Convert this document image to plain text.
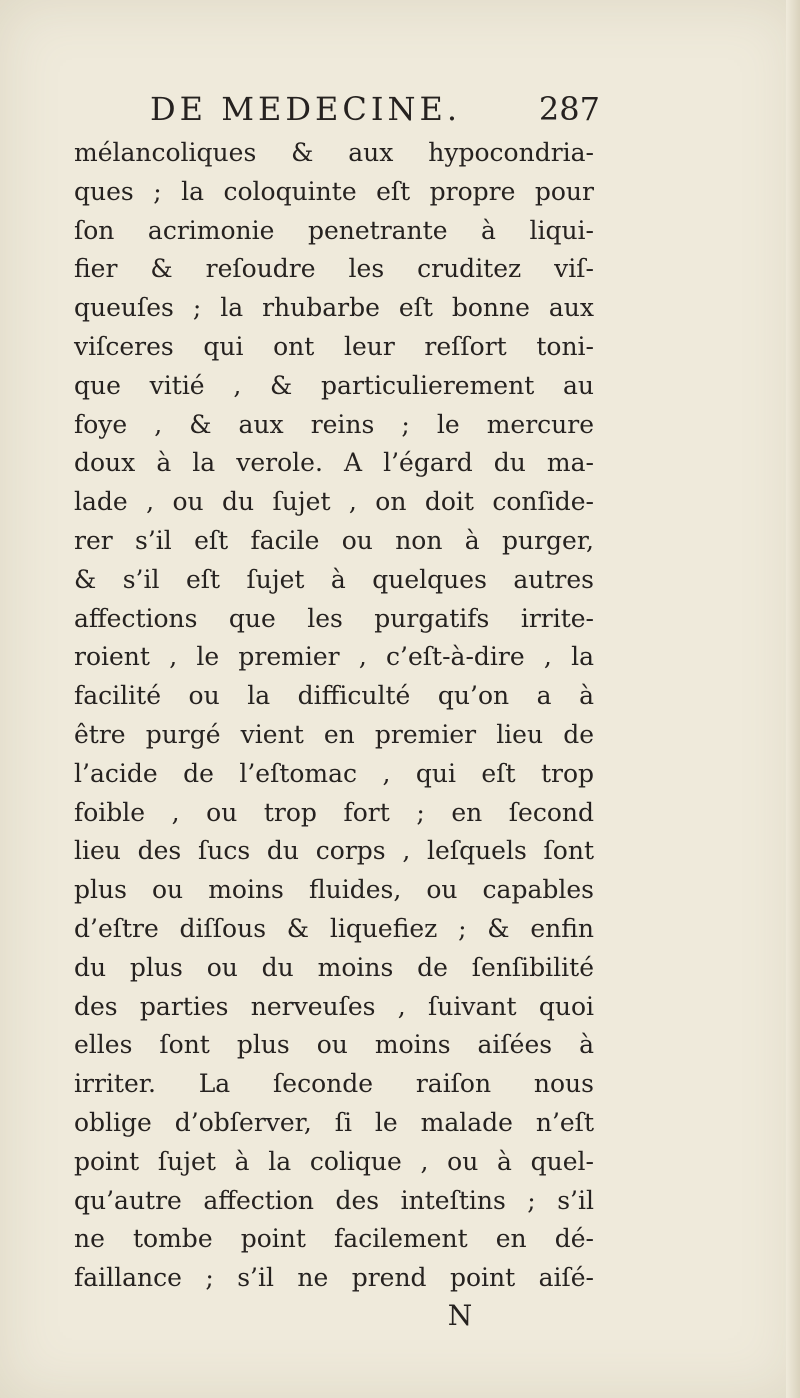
DE MEDECINE.	287
mélancoliques & aux hypocondria-
ques ; la coloquinte eſt propre pour
ſon acrimonie penetrante à liqui-
fier & reſoudre les cruditez viſ-
queuſes ; la rhubarbe eſt bonne aux
viſceres qui ont leur reſſort toni-
que vitié , & particulierement au
foye , & aux reins ; le mercure
doux à la verole. A l’égard du ma-
lade , ou du ſujet , on doit conſide-
rer s’il eſt facile ou non à purger,
& s’il eſt ſujet à quelques autres
affections que les purgatifs irrite-
roient , le premier , c’eſt-à-dire , la
facilité ou la difficulté qu’on a à
être purgé vient en premier lieu de
l’acide de l’eſtomac , qui eſt trop
foible , ou trop fort ; en ſecond
lieu des ſucs du corps , leſquels ſont
plus ou moins fluides, ou capables
d’eſtre diſſous & liquefiez ; & enfin
du plus ou du moins de ſenſibilité
des parties nerveuſes , ſuivant quoi
elles ſont plus ou moins aiſées à
irriter. La ſeconde raiſon nous
oblige d’obſerver, ſi le malade n’eſt
point ſujet à la colique , ou à quel-
qu’autre affection des inteſtins ; s’il
ne tombe point facilement en dé-
faillance ; s’il ne prend point aiſé-
N
